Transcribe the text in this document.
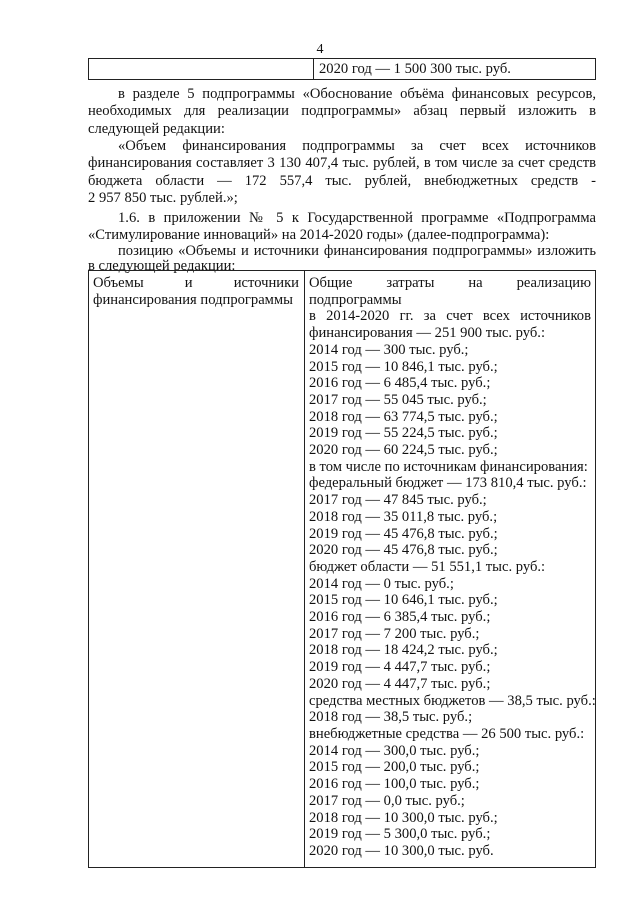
4
2020 год — 1 500 300 тыс. руб.
в разделе 5 подпрограммы «Обоснование объёма финансовых ресурсов,
необходимых для реализации подпрограммы» абзац первый изложить в
следующей редакции:
«Объем финансирования подпрограммы за счет всех источников
финансирования составляет 3 130 407,4 тыс. рублей, в том числе за счет средств
бюджета области — 172 557,4 тыс. рублей, внебюджетных средств -
2 957 850 тыс. рублей.»;
1.6. в приложении № 5 к Государственной программе «Подпрограмма
«Стимулирование инноваций» на 2014-2020 годы» (далее-подпрограмма):
позицию «Объемы и источники финансирования подпрограммы» изложить
в следующей редакции:
Объемы и источники
финансирования подпрограммы
Общие затраты на реализацию подпрограммы
в 2014-2020 гг. за счет всех источников
финансирования — 251 900 тыс. руб.:
2014 год — 300 тыс. руб.;
2015 год — 10 846,1 тыс. руб.;
2016 год — 6 485,4 тыс. руб.;
2017 год — 55 045 тыс. руб.;
2018 год — 63 774,5 тыс. руб.;
2019 год — 55 224,5 тыс. руб.;
2020 год — 60 224,5 тыс. руб.;
в том числе по источникам финансирования:
федеральный бюджет — 173 810,4 тыс. руб.:
2017 год — 47 845 тыс. руб.;
2018 год — 35 011,8 тыс. руб.;
2019 год — 45 476,8 тыс. руб.;
2020 год — 45 476,8 тыс. руб.;
бюджет области — 51 551,1 тыс. руб.:
2014 год — 0 тыс. руб.;
2015 год — 10 646,1 тыс. руб.;
2016 год — 6 385,4 тыс. руб.;
2017 год — 7 200 тыс. руб.;
2018 год — 18 424,2 тыс. руб.;
2019 год — 4 447,7 тыс. руб.;
2020 год — 4 447,7 тыс. руб.;
средства местных бюджетов — 38,5 тыс. руб.:
2018 год — 38,5 тыс. руб.;
внебюджетные средства — 26 500 тыс. руб.:
2014 год — 300,0 тыс. руб.;
2015 год — 200,0 тыс. руб.;
2016 год — 100,0 тыс. руб.;
2017 год — 0,0 тыс. руб.;
2018 год — 10 300,0 тыс. руб.;
2019 год — 5 300,0 тыс. руб.;
2020 год — 10 300,0 тыс. руб.
